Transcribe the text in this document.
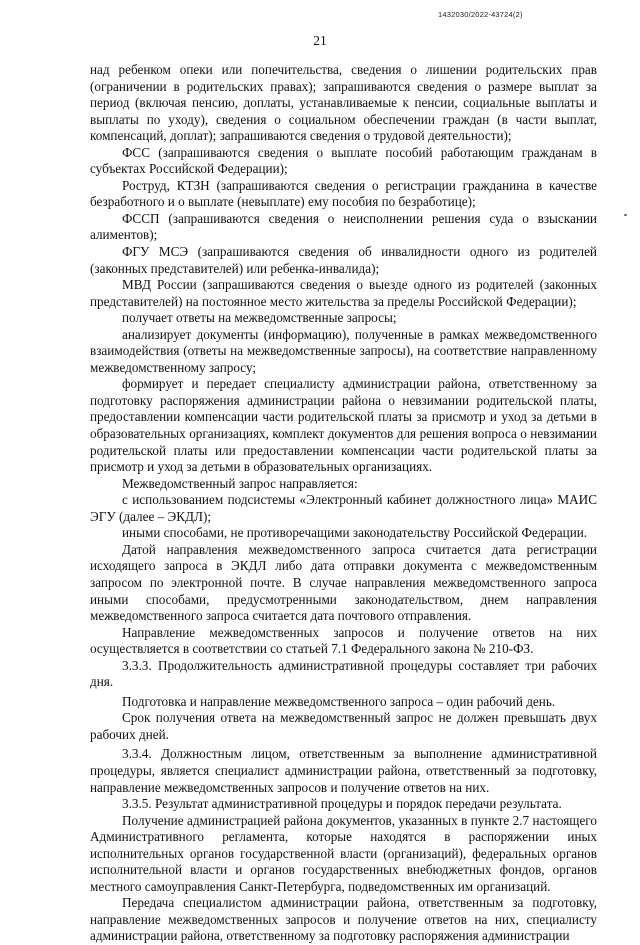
1432030/2022-43724(2)
21

над ребенком опеки или попечительства, сведения о лишении родительских прав (ограничении в родительских правах); запрашиваются сведения о размере выплат за период (включая пенсию, доплаты, устанавливаемые к пенсии, социальные выплаты и выплаты по уходу), сведения о социальном обеспечении граждан (в части выплат, компенсаций, доплат); запрашиваются сведения о трудовой деятельности);

ФСС (запрашиваются сведения о выплате пособий работающим гражданам в субъектах Российской Федерации);

Роструд, КТЗН (запрашиваются сведения о регистрации гражданина в качестве безработного и о выплате (невыплате) ему пособия по безработице);

ФССП (запрашиваются сведения о неисполнении решения суда о взыскании алиментов);

ФГУ МСЭ (запрашиваются сведения об инвалидности одного из родителей (законных представителей) или ребенка-инвалида);

МВД России (запрашиваются сведения о выезде одного из родителей (законных представителей) на постоянное место жительства за пределы Российской Федерации);

получает ответы на межведомственные запросы;

анализирует документы (информацию), полученные в рамках межведомственного взаимодействия (ответы на межведомственные запросы), на соответствие направленному межведомственному запросу;

формирует и передает специалисту администрации района, ответственному за подготовку распоряжения администрации района о невзимании родительской платы, предоставлении компенсации части родительской платы за присмотр и уход за детьми в образовательных организациях, комплект документов для решения вопроса о невзимании родительской платы или предоставлении компенсации части родительской платы за присмотр и уход за детьми в образовательных организациях.

Межведомственный запрос направляется:

с использованием подсистемы «Электронный кабинет должностного лица» МАИС ЭГУ (далее – ЭКДЛ);

иными способами, не противоречащими законодательству Российской Федерации.

Датой направления межведомственного запроса считается дата регистрации исходящего запроса в ЭКДЛ либо дата отправки документа с межведомственным запросом по электронной почте. В случае направления межведомственного запроса иными способами, предусмотренными законодательством, днем направления межведомственного запроса считается дата почтового отправления.

Направление межведомственных запросов и получение ответов на них осуществляется в соответствии со статьей 7.1 Федерального закона № 210-ФЗ.

3.3.3. Продолжительность административной процедуры составляет три рабочих дня.

Подготовка и направление межведомственного запроса – один рабочий день.

Срок получения ответа на межведомственный запрос не должен превышать двух рабочих дней.

3.3.4. Должностным лицом, ответственным за выполнение административной процедуры, является специалист администрации района, ответственный за подготовку, направление межведомственных запросов и получение ответов на них.

3.3.5. Результат административной процедуры и порядок передачи результата.

Получение администрацией района документов, указанных в пункте 2.7 настоящего Административного регламента, которые находятся в распоряжении иных исполнительных органов государственной власти (организаций), федеральных органов исполнительной власти и органов государственных внебюджетных фондов, органов местного самоуправления Санкт-Петербурга, подведомственных им организаций.

Передача специалистом администрации района, ответственным за подготовку, направление межведомственных запросов и получение ответов на них, специалисту администрации района, ответственному за подготовку распоряжения администрации
